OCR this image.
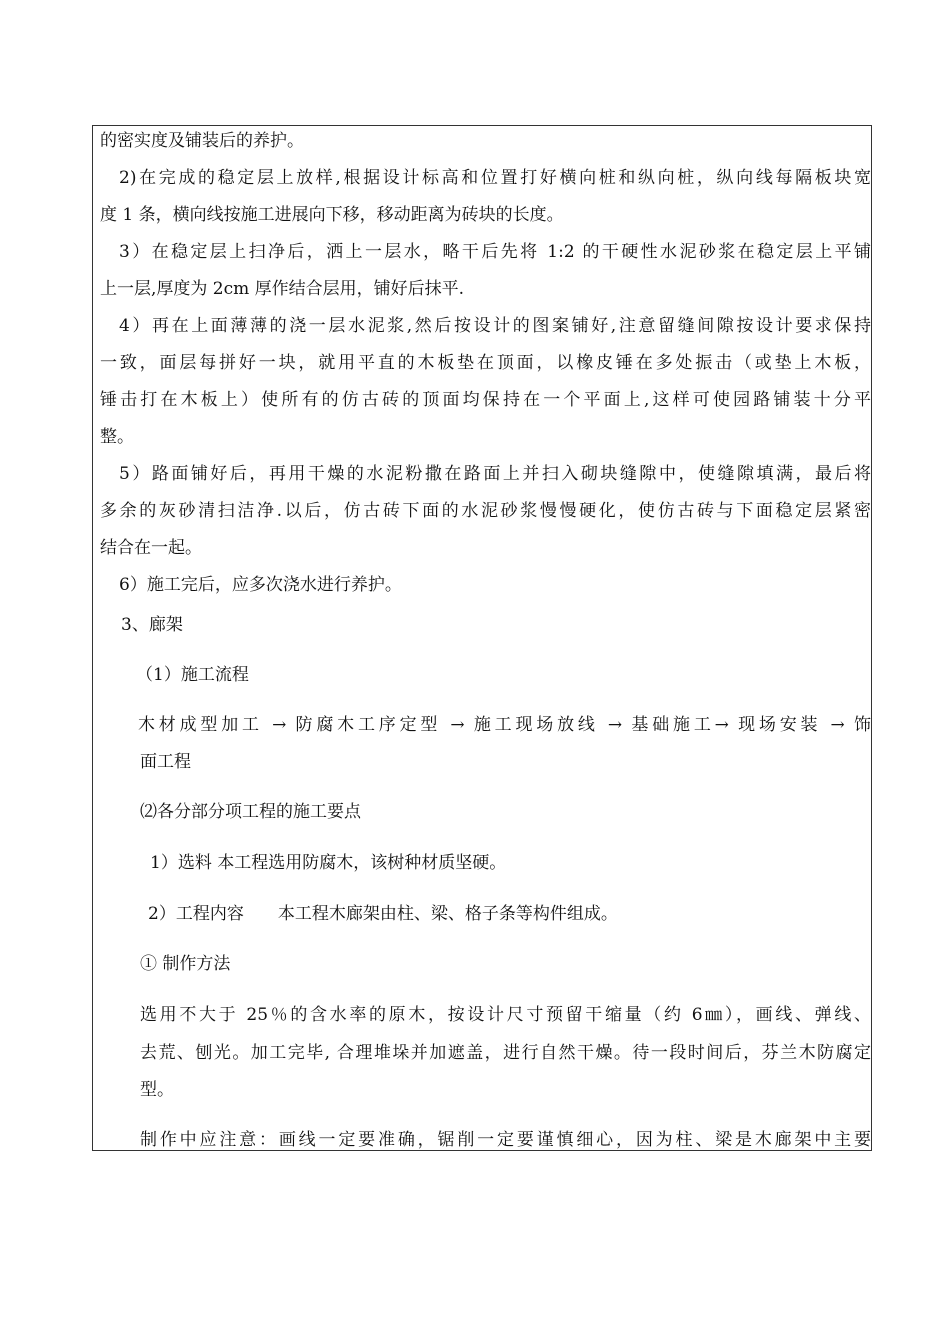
的密实度及铺装后的养护。
2)在完成的稳定层上放样,根据设计标高和位置打好横向桩和纵向桩，纵向线每隔板块宽
度 1 条，横向线按施工进展向下移，移动距离为砖块的长度。
3）在稳定层上扫净后，洒上一层水，略干后先将 1:2 的干硬性水泥砂浆在稳定层上平铺
上一层,厚度为 2cm 厚作结合层用，铺好后抹平.
4）再在上面薄薄的浇一层水泥浆,然后按设计的图案铺好,注意留缝间隙按设计要求保持
一致，面层每拼好一块，就用平直的木板垫在顶面，以橡皮锤在多处振击（或垫上木板，
锤击打在木板上）使所有的仿古砖的顶面均保持在一个平面上,这样可使园路铺装十分平
整。
5）路面铺好后，再用干燥的水泥粉撒在路面上并扫入砌块缝隙中，使缝隙填满，最后将
多余的灰砂清扫洁净.以后，仿古砖下面的水泥砂浆慢慢硬化，使仿古砖与下面稳定层紧密
结合在一起。
6）施工完后，应多次浇水进行养护。
3、廊架
（1）施工流程
木材成型加工 → 防腐木工序定型 → 施工现场放线 → 基础施工→ 现场安装 → 饰
面工程
⑵各分部分项工程的施工要点
1）选料 本工程选用防腐木，该树种材质坚硬。
2）工程内容　　本工程木廊架由柱、梁、格子条等构件组成。
① 制作方法
选用不大于 25％的含水率的原木，按设计尺寸预留干缩量（约 6㎜），画线、弹线、
去荒、刨光。加工完毕, 合理堆垛并加遮盖，进行自然干燥。待一段时间后，芬兰木防腐定
型。
制作中应注意：画线一定要准确，锯削一定要谨慎细心，因为柱、梁是木廊架中主要
